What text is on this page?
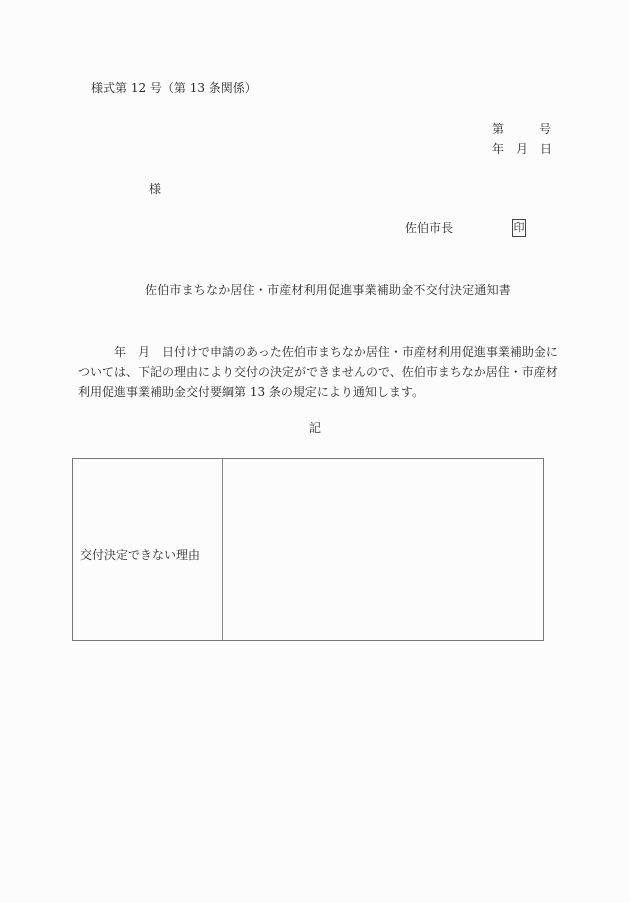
様式第 12 号（第 13 条関係）
第	号
年 月 日
様
佐伯市長	印
佐伯市まちなか居住・市産材利用促進事業補助金不交付決定通知書
　　　年　月　日付けで申請のあった佐伯市まちなか居住・市産材利用促進事業補助金に
ついては、下記の理由により交付の決定ができませんので、佐伯市まちなか居住・市産材
利用促進事業補助金交付要綱第 13 条の規定により通知します。
記
交付決定できない理由
